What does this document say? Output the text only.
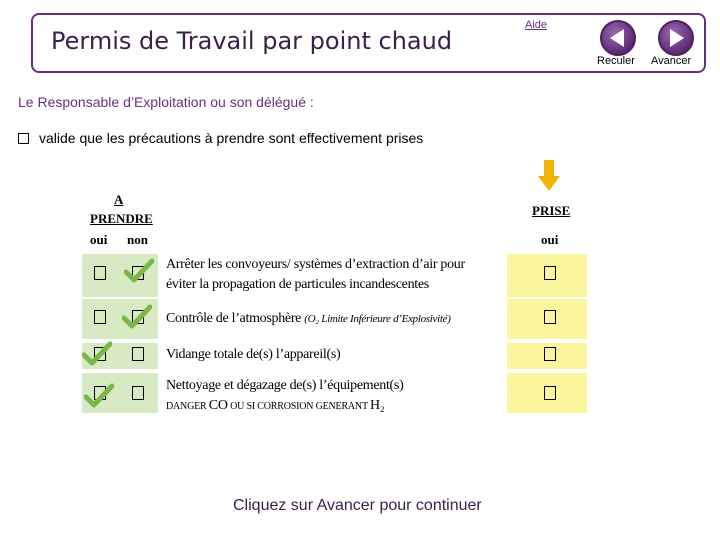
Permis de Travail par point chaud
Aide
Reculer Avancer
Le Responsable d’Exploitation ou son délégué :
valide que les précautions à prendre sont effectivement prises
A
PRENDRE
oui non
PRISE
oui
Arrêter les convoyeurs/ systèmes d’extraction d’air pour
éviter la propagation de particules incandescentes
Contrôle de l’atmosphère (O₂ Limite Inférieure d’Explosivité)
Vidange totale de(s) l’appareil(s)
Nettoyage et dégazage de(s) l’équipement(s)
DANGER CO OU SI CORROSION GENERANT H₂
Cliquez sur Avancer pour continuer
